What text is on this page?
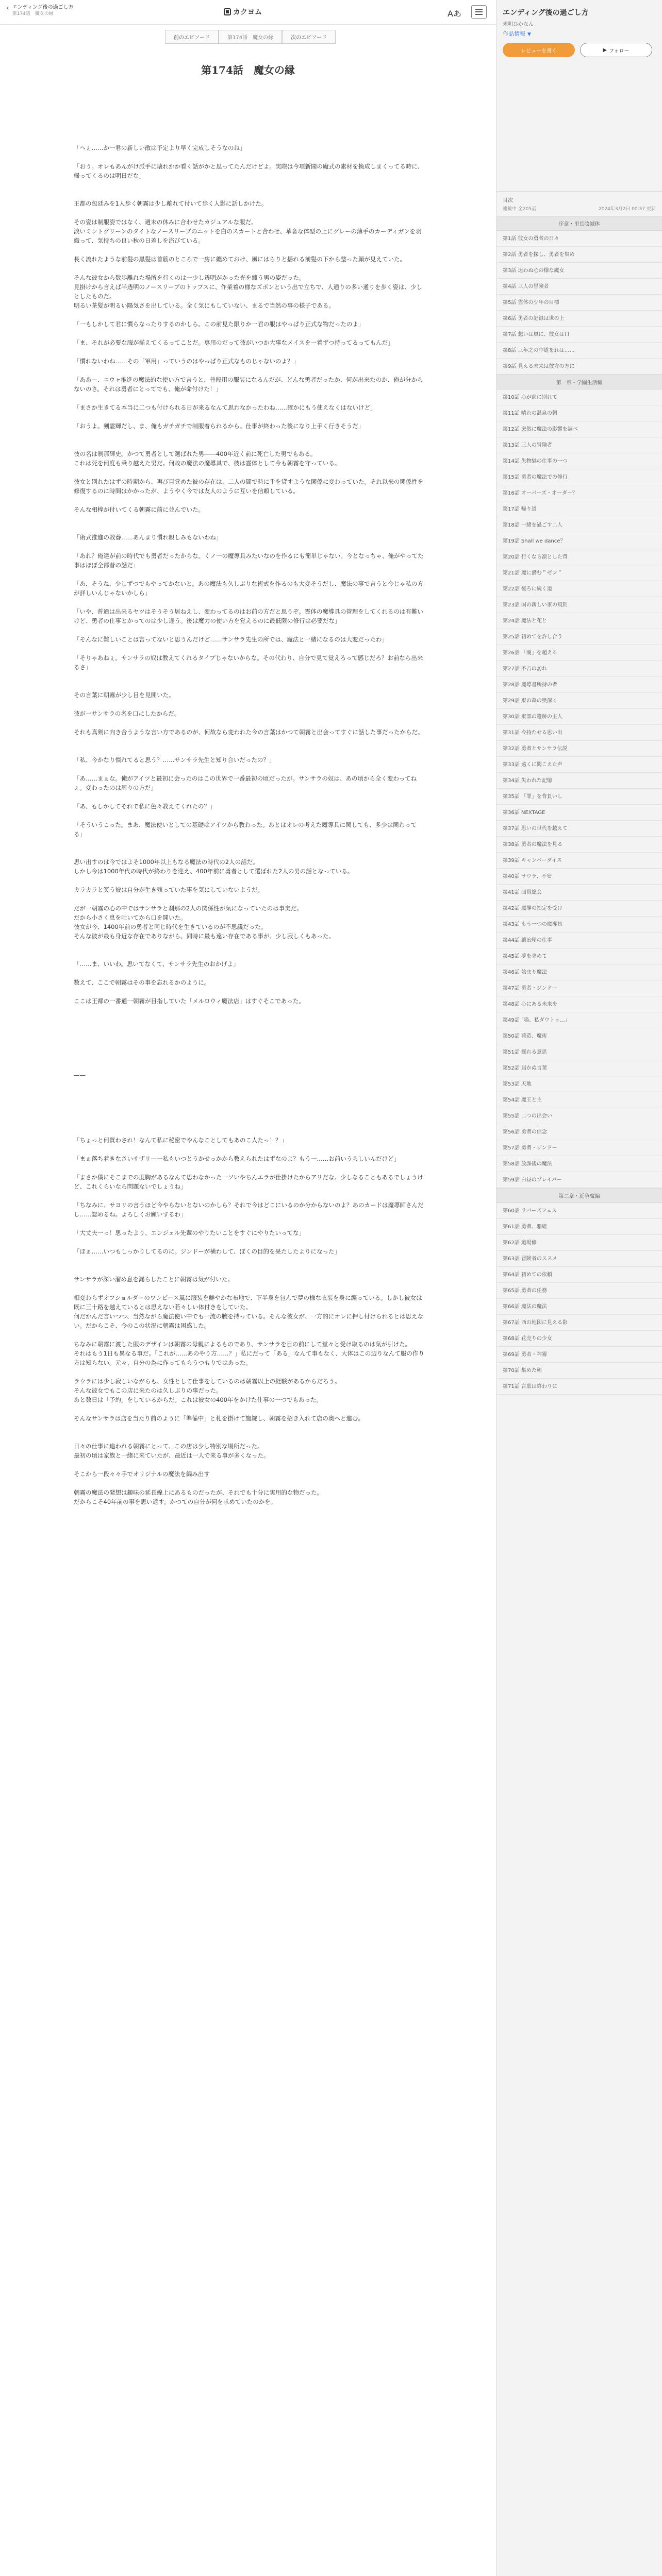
‹ エンディング後の過ごし方
第174話　魔女の縁	カクヨム	Aあ
前のエピソード	第174話　魔女の縁	次のエピソード
第174話　魔女の縁

「へぇ……か一君の新しい散は予定より早く完成しそうなのね」

「おう。オレもあんがけ派手に壊れかか看く話がかと思ってたんだけどよ。実際は今項新聞の魔式の素材を換成しまくってる時に、帰ってくるのは明日だな」

王都の包廷みを1人歩く朝霧は少し離れて付いて歩く人影に話しかけた。

その姿は制服姿ではなく、週末の休みに合わせたカジュアルな服だ。

淡いミントグリーンのタイトなノースリーブのニットを白のスカートと合わせ、華奢な体型の上にグレーの薄手のカーディガンを羽織って、気持ちの良い秋の日差しを浴びている。

長く流れたような前髪の黒髪は首筋のところで一房に纏めておけ、風にはらりと揺れる前髪の下から整った顔が見えていた。

そんな彼女から数歩離れた場所を行くのは一少し透明がかった光を纏う男の姿だった。

見掛けから言えば半透明のノースリーブのトップスに、作業着の様なズボンという出で立ちで、人通りの多い通りを歩く姿は、少しとしたものだ。

明るい茶髪が明るい陽気さを出している。全く気にもしていない、まるで当然の事の様子である。

「一もしかして君に慣らなったりするのかしら。この前見た限りか一君の服はやっぱり正式な物だったのよ」

「ま、それが必要な服が揃えてくるってことだ。専用のだって彼がいつか大事なメイスを一着ずつ持ってるってもんだ」

「慣れないわね……その「軍用」っていうのはやっぱり正式なものじゃないのよ？」

「ああー、ニウャ推進の魔法的な使い方で言うと、普段用の服装になるんだが、どんな勇者だったか、何が出来たのか、俺が分からないのさ。それは勇者にとってでも、俺が命付けた！」

「まさか生きてる本当に二つも付けられる日が来るなんて思わなかったわね……確かにもう使えなくはないけど」

「おうよ。剣霊輝だし、ま、俺もガチガチで制服着られるから。仕事が終わった後になり上手く行きそうだ」

彼の名は刹那輝史。かつて勇者として選ばれた男――400年近く前に死亡した男でもある。

これは死を何度も乗り越えた男だ。何故の魔法の魔導具で、彼は霊体として今も朝霧を守っている。

彼女と別れたはずの時期から、再び目覚めた彼の存在は、二人の間で時に手を貸すような関係に変わっていた。それ以来の関係性を修復するのに時間はかかったが、ようやく今では友人のように互いを信頼している。

そんな相棒が付いてくる朝霧に前に並んでいた。

「術式推進の教養……あんまり慣れ親しみもないわね」

「あれ？俺達が前の時代でも勇者だったからな。くノ一の魔導具みたいなのを作るにも簡単じゃない。今となっちゃ、俺がやってた事はほぼ全部昔の話だ」

「あ、そうね、少しずつでもやってかないと。あの魔法も久しぶりな術式を作るのも大変そうだし、魔法の事で言うと今じゃ私の方が詳しいんじゃないかしら」

「いや、普通は出来るヤツはそうそう居ねえし、変わってるのはお前の方だと思うぞ。霊体の魔導具の管理をしてくれるのは有難いけど、勇者の仕事とかってのは少し違う。後は魔力の使い方を覚えるのに最低限の修行は必要だな」

「そんなに難しいことは言ってないと思うんだけど……サンサラ先生の所では、魔法と一緒になるのは大変だったわ」

「そりゃあねぇ。サンサラの奴は教えてくれるタイプじゃないからな。その代わり、自分で見て覚えろって感じだろ？お前なら出来るさ」

その言葉に朝霧が少し目を見開いた。

彼が一サンサラの名を口にしたからだ。

それも真剣に向き合うような言い方であるのが、何故なら変われた今の言葉はかつて朝霧と出会ってすぐに話した事だったからだ。

「私、今かなり慣れてると思う？……サンサラ先生と知り合いだったの？」

「あ……まぁな。俺がアイツと最初に会ったのはこの世界で一番最初の頃だったが。サンサラの奴は、あの頃から全く変わってねぇ。変わったのは周りの方だ」

「あ、もしかしてそれで私に色々教えてくれたの？」

「そういうこった。まあ、魔法使いとしての基礎はアイツから教わった。あとはオレの考えた魔導具に関しても、多少は関わってる」

思い出すのは今ではよそ1000年以上もなる魔法の時代の2人の話だ。

しかし今は1000年代の時代が終わりを迎え、400年前に勇者として選ばれた2人の男の話となっている。

カラカラと笑う彼は自分が生き残っていた事を気にしていないようだ。

だが一朝霧の心の中ではサンサラと刹那の2人の関係性が気になっていたのは事実だ。

だから小さく息を吐いてから口を開いた。

彼女が今、1400年前の勇者と同じ時代を生きているのが不思議だった。

そんな彼が最も身近な存在でありながら、同時に最も遠い存在である事が、少し寂しくもあった。

「……ま、いいわ。思いてなくて、サンサラ先生のおかげよ」

数えて、ここで朝霧はその事を忘れるかのように。

ここは王都の一番通一朝霧が目指していた「メルロウィ魔法店」はすぐそこであった。

——

「ちょっと何買わされ！なんて私に秘密でやんなことしてもあのこ人たっ！？」

「まぁ落ち着きなさいサザリー一私もいつとうかせっかから教えられたはずなのよ？もう一……お前いうらしいんだけど」

「まさか僕にそこまでの度胸があるなんて思わなかった一ソいやちんエラが仕掛けたからアリだな。少しなることもあるでしょうけど、これくらいなら問題ないでしょうね」

「ちなみに、サヨリの言うほど今やらないとないのかしら？それで今はどこにいるのか分からないのよ？あのカードは魔導師さんだし……認めるね。よろしくお願いするわ」

「大丈夫一っ！思ったより、エンジェル先輩のやりたいことをすぐにやりたいってな」

「ほぁ……いつもしっかりしてるのに。ジンドーが横わして、ぼくの目的を果たしたよりになった」

サンサラが深い溜め息を漏らしたことに朝霧は気が付いた。

相変わらずオフショルダーのワンピース風に服装を鮮やかな布地で、下半身を包んで夢の様な衣装を身に纏っている。しかし彼女は既に三十路を越えているとは思えない若々しい体付きをしていた。

何だかんだ言いつつ、当然ながら魔法使い中でも一流の腕を持っている。そんな彼女が、一方的にオレに押し付けられるとは思えない。だからこそ、今のこの状況に朝霧は困惑した。

ちなみに朝霧に渡した服のデザインは朝霧の母親によるものであり、サンサラを目の前にして堂々と受け取るのは気が引けた。

それはもう1日も異なる事だ。「これが……あのやり方……？」私にだって「ある」なんて事もなく、大体はこの辺りなんて服の作り方は知らない。元々、自分の為に作ってもらうつもりではあった。

ラウラには少し寂しいながらも、女性として仕事をしているのは朝霧以上の経験があるからだろう。

そんな彼女でもこの店に来たのは久しぶりの事だった。

あと数日は「予約」をしているからだ。これは彼女の400年をかけた仕事の一つでもあった。

そんなサンサラは店を当たり前のように「準備中」と札を掛けて施錠し、朝霧を招き入れて店の奥へと進む。

日々の仕事に追われる朝霧にとって、この店は少し特別な場所だった。

最初の頃は家族と一緒に来ていたが、最近は一人で来る事が多くなった。

そこから一段々々手でオリジナルの魔法を編み出す

朝霧の魔法の発想は趣味の延長線上にあるものだったが、それでも十分に実用的な物だった。

だからこそ40年前の事を思い返す。かつての自分が何を求めていたのかを。

エンディング後の過ごし方
未明ひかなん
作品情報 ▼
レビューを書く	▶ フォロー
目次
連載中 全205話	2024年3月2日 00:37 更新
序章・里長陰滅体
第1話 彼女の勇者の日々
第2話 勇者を探し、勇者を集め
第3話 迷わぬ心の様な魔女
第4話 三人の冒険者
第5話 霊体の少年の目標
第6話 勇者の記録は世の上
第7話 想いは風に、彼女は口
第8話 三年之の中道をれは……
第9話 見える未来は彼方の方に
第一章・学園生活編
第10話 心が前に別れて
第11話 晴れの温泉の朝
第12話 突然に魔法の影響を調べ
第13話 三人の冒険者
第14話 失物魅の仕事の一つ
第15話 勇者の魔法での修行
第16話 オーバーズ・オーダー？
第17話 帰り道
第18話 一緒を過ごす二人
第19話 Shall we dance？
第20話 行くなら凛とした背
第21話 魔に潜む＂ゼン＂
第22話 後ろに続く道
第23話 国の新しい家の規則
第24話 魔法と花と
第25話 初めてを許し合う
第26話 「闇」を超える
第27話 不吉の訪れ
第28話 魔導書所持の者
第29話 東の森の奥深く
第30話 東部の遺跡の主人
第31話 今持たせる思い出
第32話 勇者とサンサラ伝説
第33話 遠くに聞こえた声
第34話 失われた記憶
第35話 「罪」を背負いし
第36話 NEXTAGE
第37話 思いの世代を越えて
第38話 勇者の魔法を見る
第39話 キャンバーダイス
第40話 サウラ、不安
第41話 団員総会
第42話 魔導の指定を受け
第43話 もう一つの魔導具
第44話 鍛冶屋の仕事
第45話 夢を求めて
第46話 始まり魔法
第47話 勇者・ジンドー
第48話 心にある未来を
第49話 ｢嗚、私ダウトゥ…」
第50話 荷造、魔術
第51話 揺れる意思
第52話 届かぬ言葉
第53話 天地
第54話 魔王と主
第55話 二つの出会い
第56話 勇者の信念
第57話 勇者・ジンドー
第58話 放課後の魔法
第59話 白昼のプレイパー
第二章・近争魔編
第60話 ラバーズフェス
第61話 勇者、悪組
第62話 道場修
第63話 冒険者のススメ
第64話 初めての依頼
第65話 勇者の任務
第66話 魔法の魔法
第67話 西の地図に見える影
第68話 花売りの少女
第69話 勇者・神霧
第70話 集めた剣
第71話 言葉は終わりに
